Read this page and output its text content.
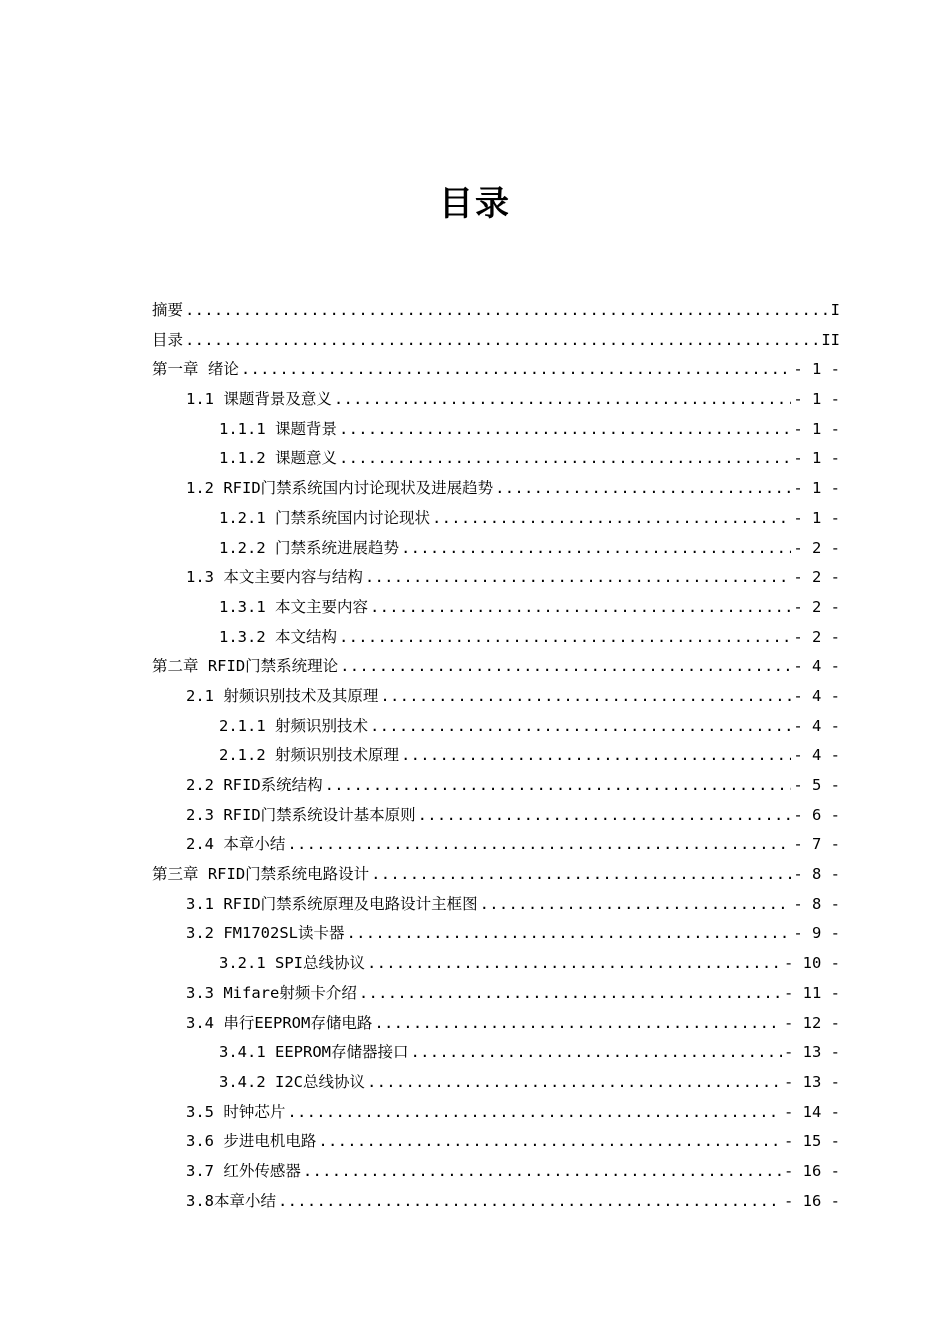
目录
摘要 .....	I
目录 .....	II
第一章 绪论 .....	- 1 -
1.1 课题背景及意义 .....	- 1 -
1.1.1 课题背景 .....	- 1 -
1.1.2 课题意义 .....	- 1 -
1.2 RFID门禁系统国内讨论现状及进展趋势 .....	- 1 -
1.2.1 门禁系统国内讨论现状 .....	- 1 -
1.2.2 门禁系统进展趋势 .....	- 2 -
1.3 本文主要内容与结构 .....	- 2 -
1.3.1 本文主要内容 .....	- 2 -
1.3.2 本文结构 .....	- 2 -
第二章 RFID门禁系统理论 .....	- 4 -
2.1 射频识别技术及其原理 .....	- 4 -
2.1.1 射频识别技术 .....	- 4 -
2.1.2 射频识别技术原理 .....	- 4 -
2.2 RFID系统结构 .....	- 5 -
2.3 RFID门禁系统设计基本原则 .....	- 6 -
2.4 本章小结 .....	- 7 -
第三章 RFID门禁系统电路设计 .....	- 8 -
3.1 RFID门禁系统原理及电路设计主框图 .....	- 8 -
3.2 FM1702SL读卡器 .....	- 9 -
3.2.1 SPI总线协议 .....	- 10 -
3.3 Mifare射频卡介绍 .....	- 11 -
3.4 串行EEPROM存储电路 .....	- 12 -
3.4.1 EEPROM存储器接口 .....	- 13 -
3.4.2 I2C总线协议 .....	- 13 -
3.5 时钟芯片 .....	- 14 -
3.6 步进电机电路 .....	- 15 -
3.7 红外传感器 .....	- 16 -
3.8本章小结 .....	- 16 -
